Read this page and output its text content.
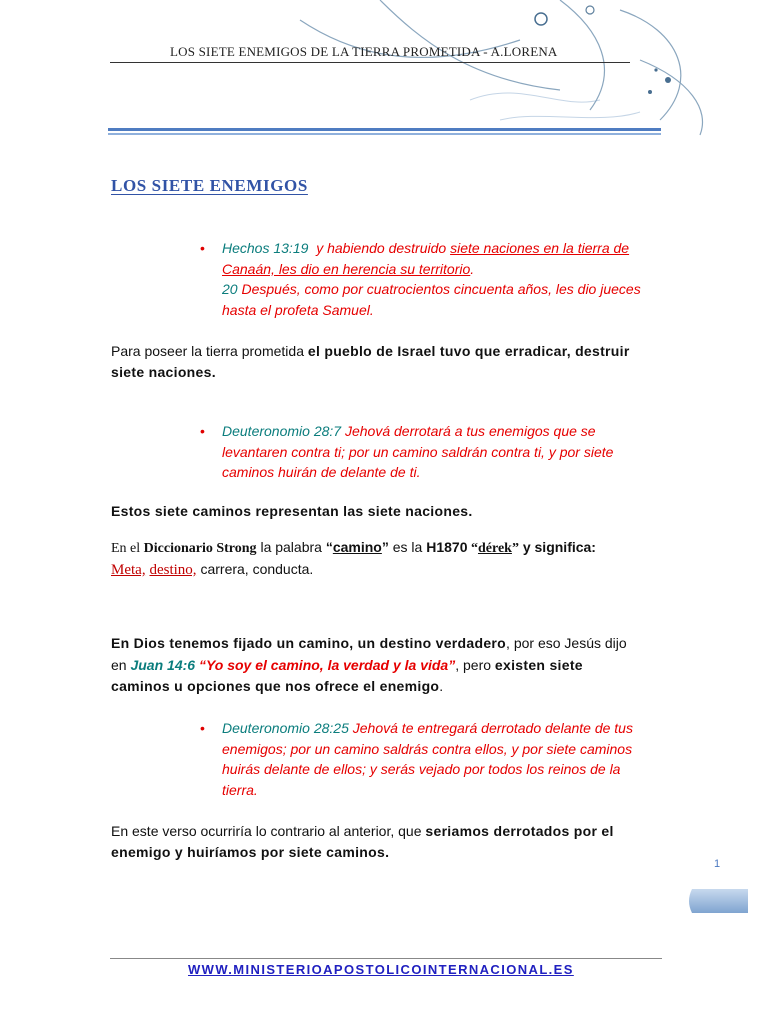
LOS SIETE ENEMIGOS DE LA TIERRA PROMETIDA - A.LORENA
LOS SIETE ENEMIGOS
• Hechos 13:19 y habiendo destruido siete naciones en la tierra de Canaán, les dio en herencia su territorio.
20 Después, como por cuatrocientos cincuenta años, les dio jueces hasta el profeta Samuel.

Para poseer la tierra prometida el pueblo de Israel tuvo que erradicar, destruir siete naciones.

• Deuteronomio 28:7 Jehová derrotará a tus enemigos que se levantaren contra ti; por un camino saldrán contra ti, y por siete caminos huirán de delante de ti.

Estos siete caminos representan las siete naciones.

En el Diccionario Strong la palabra “camino” es la H1870 “dérek” y significa:
Meta, destino, carrera, conducta.

En Dios tenemos fijado un camino, un destino verdadero, por eso Jesús dijo en Juan 14:6 “Yo soy el camino, la verdad y la vida”, pero existen siete caminos u opciones que nos ofrece el enemigo.

• Deuteronomio 28:25 Jehová te entregará derrotado delante de tus enemigos; por un camino saldrás contra ellos, y por siete caminos huirás delante de ellos; y serás vejado por todos los reinos de la tierra.

En este verso ocurriría lo contrario al anterior, que seriamos derrotados por el enemigo y huiríamos por siete caminos.

1
WWW.MINISTERIOAPOSTOLICOINTERNACIONAL.ES
